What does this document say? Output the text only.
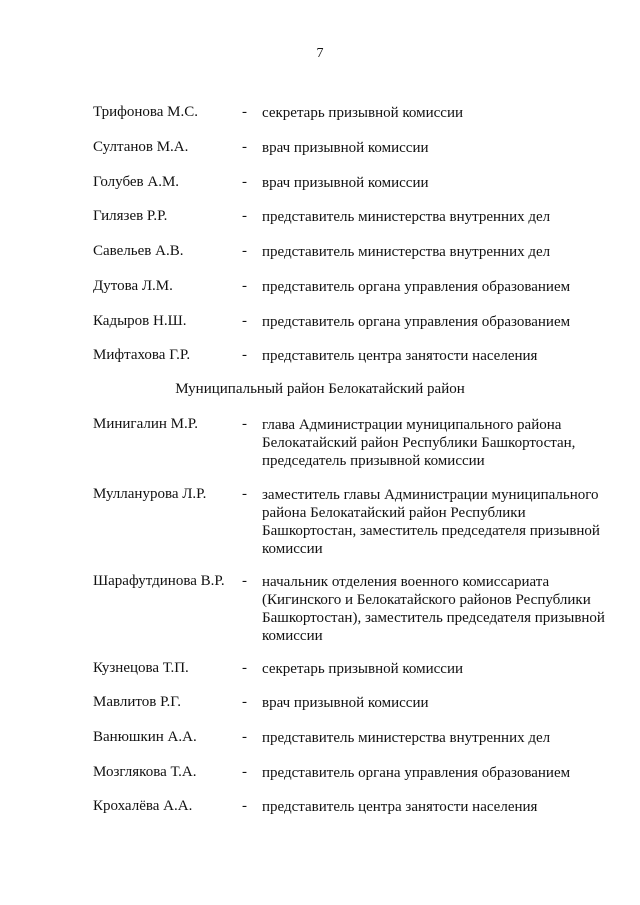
7
Трифонова М.С.	- секретарь призывной комиссии
Султанов М.А.	- врач призывной комиссии
Голубев А.М.	- врач призывной комиссии
Гилязев Р.Р.	- представитель министерства внутренних дел
Савельев А.В.	- представитель министерства внутренних дел
Дутова Л.М.	- представитель органа управления образованием
Кадыров Н.Ш.	- представитель органа управления образованием
Мифтахова Г.Р.	- представитель центра занятости населения
Муниципальный район Белокатайский район
Минигалин М.Р.	- глава Администрации муниципального района Белокатайский район Республики Башкортостан, председатель призывной комиссии
Мулланурова Л.Р. - заместитель главы Администрации муниципального района Белокатайский район Республики Башкортостан, заместитель председателя призывной комиссии
Шарафутдинова В.Р. - начальник отделения военного комиссариата (Кигинского и Белокатайского районов Республики Башкортостан), заместитель председателя призывной комиссии
Кузнецова Т.П.	- секретарь призывной комиссии
Мавлитов Р.Г.	- врач призывной комиссии
Ванюшкин А.А.	- представитель министерства внутренних дел
Мозглякова Т.А.	- представитель органа управления образованием
Крохалёва А.А.	- представитель центра занятости населения
